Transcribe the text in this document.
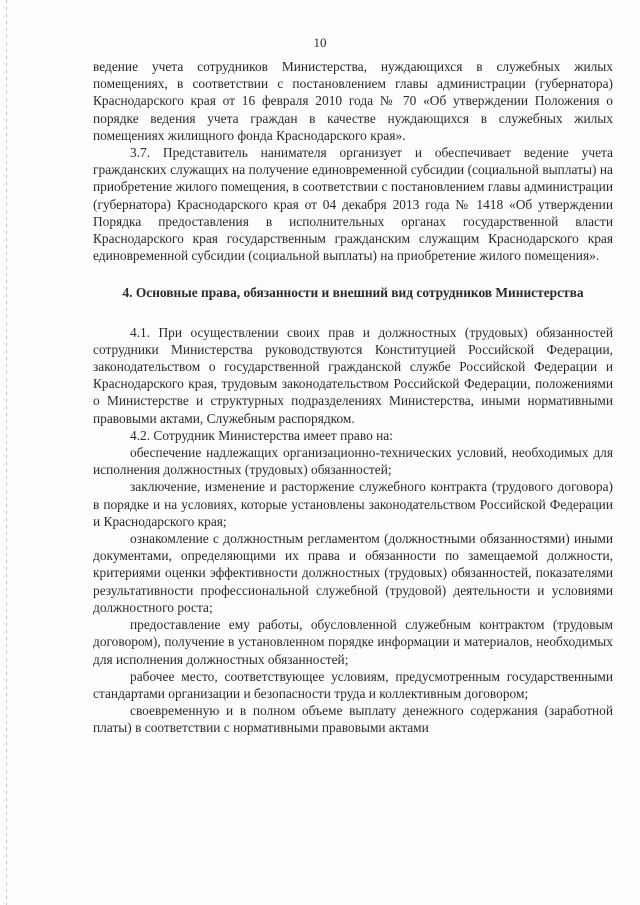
10

ведение учета сотрудников Министерства, нуждающихся в служебных жилых помещениях, в соответствии с постановлением главы администрации (губернатора) Краснодарского края от 16 февраля 2010 года № 70 «Об утверждении Положения о порядке ведения учета граждан в качестве нуждающихся в служебных жилых помещениях жилищного фонда Краснодарского края».

3.7. Представитель нанимателя организует и обеспечивает ведение учета гражданских служащих на получение единовременной субсидии (социальной выплаты) на приобретение жилого помещения, в соответствии с постановлением главы администрации (губернатора) Краснодарского края от 04 декабря 2013 года № 1418 «Об утверждении Порядка предоставления в исполнительных органах государственной власти Краснодарского края государственным гражданским служащим Краснодарского края единовременной субсидии (социальной выплаты) на приобретение жилого помещения».

4. Основные права, обязанности и внешний вид сотрудников Министерства

4.1. При осуществлении своих прав и должностных (трудовых) обязанностей сотрудники Министерства руководствуются Конституцией Российской Федерации, законодательством о государственной гражданской службе Российской Федерации и Краснодарского края, трудовым законодательством Российской Федерации, положениями о Министерстве и структурных подразделениях Министерства, иными нормативными правовыми актами, Служебным распорядком.

4.2. Сотрудник Министерства имеет право на:

обеспечение надлежащих организационно-технических условий, необходимых для исполнения должностных (трудовых) обязанностей;

заключение, изменение и расторжение служебного контракта (трудового договора) в порядке и на условиях, которые установлены законодательством Российской Федерации и Краснодарского края;

ознакомление с должностным регламентом (должностными обязанностями) иными документами, определяющими их права и обязанности по замещаемой должности, критериями оценки эффективности должностных (трудовых) обязанностей, показателями результативности профессиональной служебной (трудовой) деятельности и условиями должностного роста;

предоставление ему работы, обусловленной служебным контрактом (трудовым договором), получение в установленном порядке информации и материалов, необходимых для исполнения должностных обязанностей;

рабочее место, соответствующее условиям, предусмотренным государственными стандартами организации и безопасности труда и коллективным договором;

своевременную и в полном объеме выплату денежного содержания (заработной платы) в соответствии с нормативными правовыми актами
